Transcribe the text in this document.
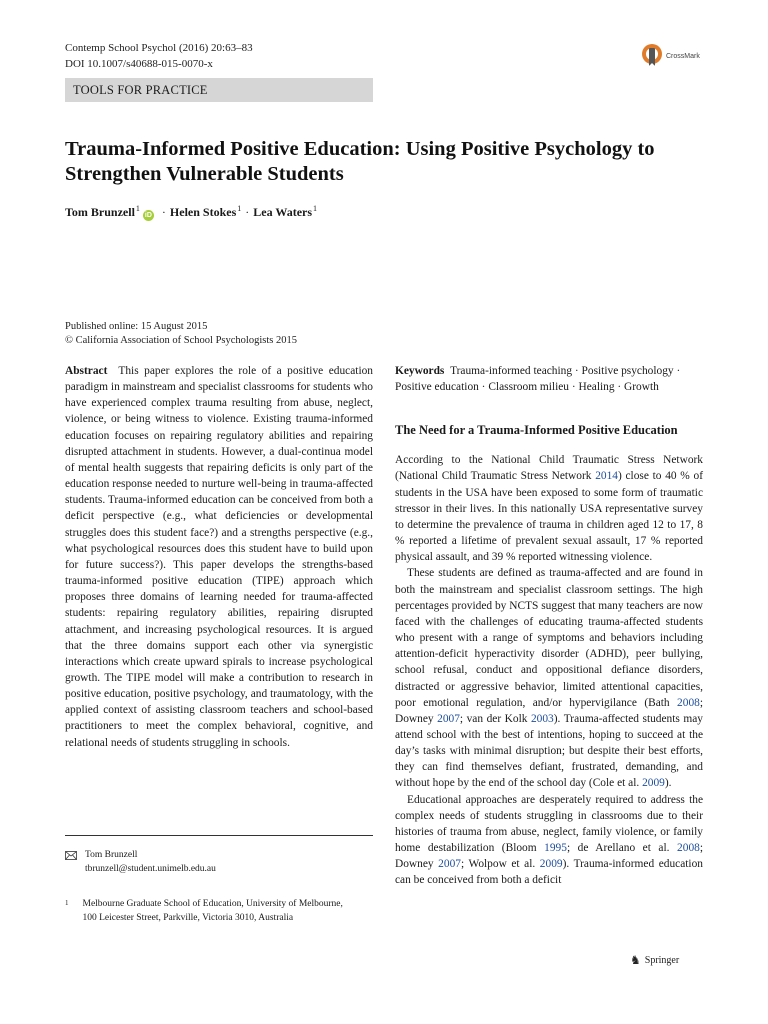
Contemp School Psychol (2016) 20:63–83
DOI 10.1007/s40688-015-0070-x
CrossMark
TOOLS FOR PRACTICE
Trauma-Informed Positive Education: Using Positive Psychology to Strengthen Vulnerable Students
Tom Brunzell$^1$
iD · Helen Stokes$^1$ · Lea Waters$^1$
Published online: 15 August 2015
© California Association of School Psychologists 2015

Abstract This paper explores the role of a positive education paradigm in mainstream and specialist classrooms for students who have experienced complex trauma resulting from abuse, neglect, violence, or being witness to violence. Existing trauma-informed education focuses on repairing regulatory abilities and repairing disrupted attachment in students. However, a dual-continua model of mental health suggests that repairing deficits is only part of the education response needed to nurture well-being in trauma-affected students. Trauma-informed education can be conceived from both a deficit perspective (e.g., what deficiencies or developmental struggles does this student face?) and a strengths perspective (e.g., what psychological resources does this student have to build upon for future success?). This paper develops the strengths-based trauma-informed positive education (TIPE) approach which proposes three domains of learning needed for trauma-affected students: repairing regulatory abilities, repairing disrupted attachment, and increasing psychological resources. It is argued that the three domains support each other via synergistic interactions which create upward spirals to increase psychological growth. The TIPE model will make a contribution to research in positive education, positive psychology, and traumatology, with the applied context of assisting classroom teachers and school-based practitioners to meet the complex behavioral, cognitive, and relational needs of students struggling in schools.

Keywords Trauma-informed teaching · Positive psychology · Positive education · Classroom milieu · Healing · Growth

The Need for a Trauma-Informed Positive Education

According to the National Child Traumatic Stress Network (National Child Traumatic Stress Network 2014) close to 40 % of students in the USA have been exposed to some form of traumatic stressor in their lives. In this nationally USA representative survey to determine the prevalence of trauma in children aged 12 to 17, 8 % reported a lifetime of prevalent sexual assault, 17 % reported physical assault, and 39 % reported witnessing violence.

These students are defined as trauma-affected and are found in both the mainstream and specialist classroom settings. The high percentages provided by NCTS suggest that many teachers are now faced with the challenges of educating trauma-affected students who present with a range of symptoms and behaviors including attention-deficit hyperactivity disorder (ADHD), peer bullying, school refusal, conduct and oppositional defiance disorders, distracted or aggressive behavior, limited attentional capacities, poor emotional regulation, and/or hypervigilance (Bath 2008; Downey 2007; van der Kolk 2003). Trauma-affected students may attend school with the best of intentions, hoping to succeed at the day’s tasks with minimal disruption; but despite their best efforts, they can find themselves defiant, frustrated, demanding, and without hope by the end of the school day (Cole et al. 2009).

Educational approaches are desperately required to address the complex needs of students struggling in classrooms due to their histories of trauma from abuse, neglect, family violence, or family home destabilization (Bloom 1995; de Arellano et al. 2008; Downey 2007; Wolpow et al. 2009). Trauma-informed education can be conceived from both a deficit

Tom Brunzell
tbrunzell@student.unimelb.edu.au
1 Melbourne Graduate School of Education, University of Melbourne,
100 Leicester Street, Parkville, Victoria 3010, Australia
♞ Springer
